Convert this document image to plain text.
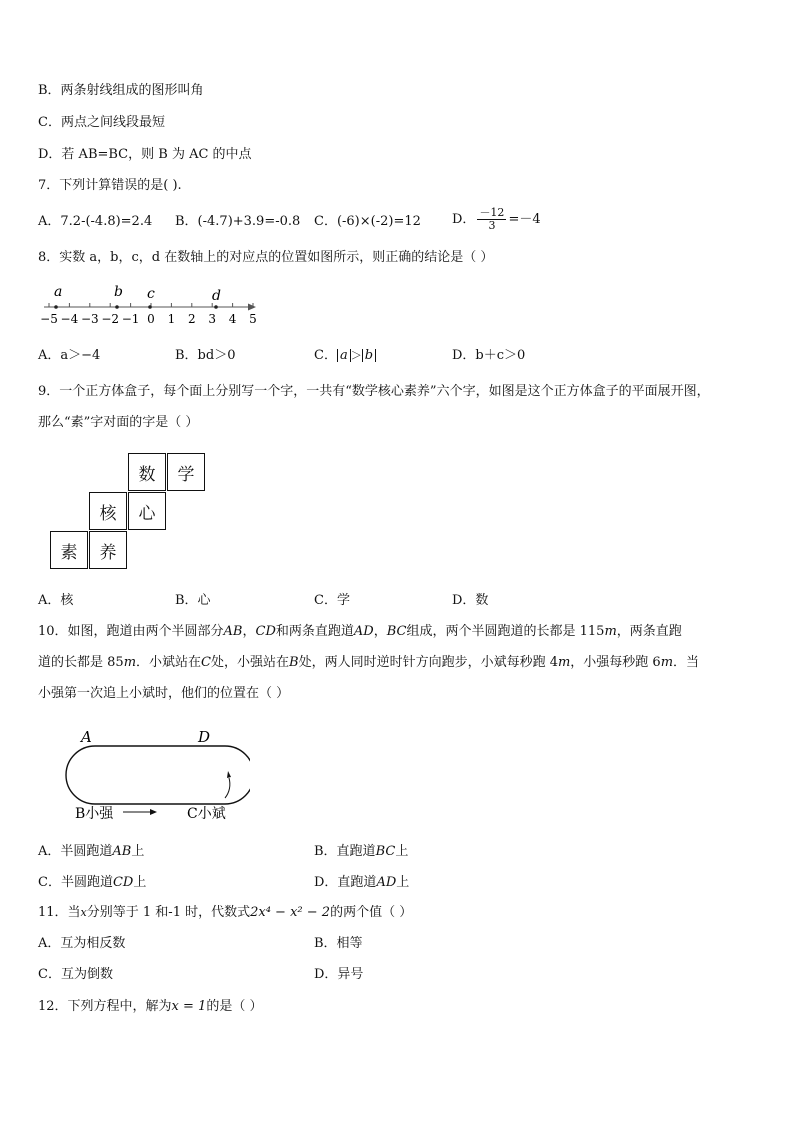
B．两条射线组成的图形叫角
C．两点之间线段最短
D．若 AB=BC，则 B 为 AC 的中点
7．下列计算错误的是( ).
A．7.2-(-4.8)=2.4 B．(-4.7)+3.9=-0.8 C．(-6)×(-2)=12 D． $\frac{-12}{3} =-4$
8．实数 a，b，c，d 在数轴上的对应点的位置如图所示，则正确的结论是（ ）
−5 −4 −3 −2 −1 0 1 2 3 4 5
a	b c	d
A．a＞−4	B．bd＞0	C． a ＞ b	D．b＋c＞0
9．一个正方体盒子，每个面上分别写一个字，一共有“数学核心素养”六个字，如图是这个正方体盒子的平面展开图，
那么“素”字对面的字是（ ）
数	学
核	心
素	养
A．核	B．心	C．学	D．数
10．如图，跑道由两个半圆部分AB，CD和两条直跑道AD，BC组成，两个半圆跑道的长都是 115m，两条直跑
道的长都是 85m．小斌站在C处，小强站在B处，两人同时逆时针方向跑步，小斌每秒跑 4m，小强每秒跑 6m．当
小强第一次追上小斌时，他们的位置在（ ）
A	D
B小强	C小斌
A．半圆跑道AB上	B．直跑道BC上
C．半圆跑道CD上	D．直跑道AD上
11．当x分别等于 1 和-1 时，代数式2x⁴ − x² − 2的两个值（ ）
A．互为相反数	B．相等
C．互为倒数	D．异号
12．下列方程中，解为x = 1的是（ ）
